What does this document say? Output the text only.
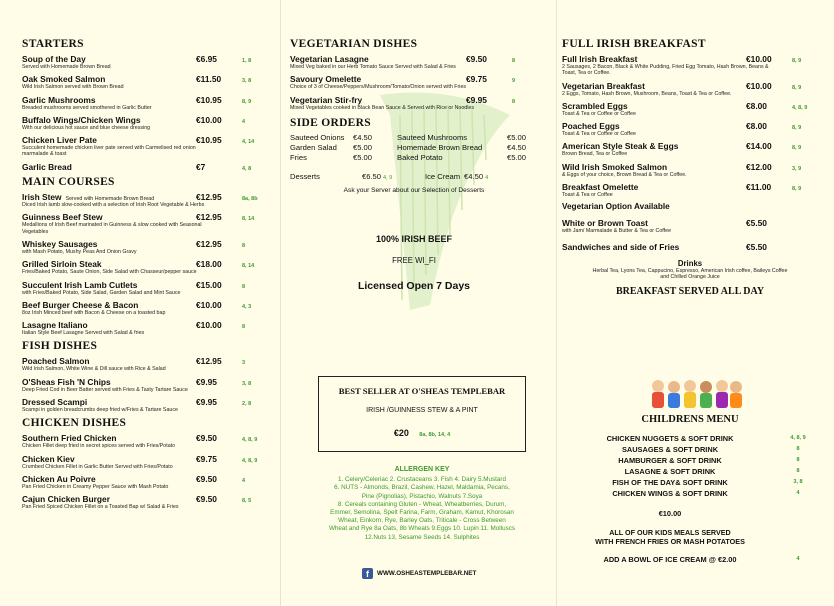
STARTERS
Soup of the Day	€6.95	1, 8
Served with Homemade Brown Bread
Oak Smoked Salmon	€11.50	3, 8
Wild Irish Salmon served with Brown Bread
Garlic Mushrooms	€10.95	8, 9
Breaded mushrooms served smothered in Garlic Butter
Buffalo Wings/Chicken Wings	€10.00	4
With our delicious hot sauce and blue cheese dressing
Chicken Liver Pate	€10.95	4, 14
Succulent homemade chicken liver pate served with Carmelised red onion marmalade & toast
Garlic Bread	€7	4, 8
MAIN COURSES
Irish Stew Served with Homemade Brown Bread	€12.95	8a, 8b
Diced Irish lamb slow-cooked with a selection of Irish Root Vegetable & Herbs
Guinness Beef Stew	€12.95	8, 14
Medallions of Irish Beef marinated in Guinness & slow cooked with Seasonal Vegetables
Whiskey Sausages	€12.95	8
with Mash Potato, Mushy Peas And Onion Gravy
Grilled Sirloin Steak	€18.00	8, 14
Fries/Baked Potato, Saute Onion, Side Salad with Chasseur/pepper sauce
Succulent Irish Lamb Cutlets	€15.00	8
with Fries/Baked Potato, Side Salad, Garden Salad and Mint Sauce
Beef Burger Cheese & Bacon	€10.00	4, 3
8oz Irish Minced beef with Bacon & Cheese on a toasted bap
Lasagne Italiano	€10.00	8
Italian Style Beef Lasagne Served with Salad & fries
FISH DISHES
Poached Salmon	€12.95	3
Wild Irish Salmon, White Wine & Dill sauce with Rice & Salad
O'Sheas Fish 'N Chips	€9.95	3, 8
Deep Fried Cod in Beer Batter served with Fries & Tasty Tartare Sauce
Dressed Scampi	€9.95	2, 8
Scampi in golden breadcrumbs deep fried w/Fries & Tartare Sauce
CHICKEN DISHES
Southern Fried Chicken	€9.50	4, 8, 9
Chicken Fillet deep fried in secret spices served with Fries/Potato
Chicken Kiev	€9.75	4, 8, 9
Crumbed Chicken Fillet in Garlic Butter Served with Fries/Potato
Chicken Au Poivre	€9.50	4
Pan Fried Chicken in Creamy Pepper Sauce with Mash Potato
Cajun Chicken Burger	€9.50	8, 5
Pan Fried Spiced Chicken Fillet on a Toasted Bap w/ Salad & Fries
VEGETARIAN DISHES
Vegetarian Lasagne	€9.50	8
Mixed Veg baked in our Herb Tomato Sauce Served with Salad & Fries
Savoury Omelette	€9.75	9
Choice of 3 of Cheese/Peppers/Mushroom/Tomato/Onion served with Fries
Vegetarian Stir-fry	€9.95	8
Mixed Vegetables cooked in Black Bean Sauce & Served with Rice or Noodles
SIDE ORDERS
Sauteed Onions	€4.50	Sauteed Mushrooms	€5.00
Garden Salad	€5.00	Homemade Brown Bread	€4.50
Fries	€5.00	Baked Potato	€5.00
Desserts	€6.50 4, 9	Ice Cream €4.50 4
Ask your Server about our Selection of Desserts
100% IRISH BEEF
FREE WI_FI
Licensed Open 7 Days
BEST SELLER AT O'SHEAS TEMPLEBAR
IRISH /GUINNESS STEW & A PINT
€20 8a, 8b, 14, 4
ALLERGEN KEY
1. Celery/Celeriac 2. Crustaceans 3. Fish 4. Dairy 5.Mustard
6. NUTS - Almonds, Brazil, Cashew, Hazel, Maldamia, Pecans,
Pine (Pignolias), Pistachio, Walnuts 7.Soya
8. Cereals containing Gluten - Wheat, Wheatberries, Durum,
Emmer, Semolina, Spelt Farina, Farm, Graham, Kamut, Khorosan
Wheat, Einkorn, Rye, Barley Oats, Triticale - Cross Between
Wheat and Rye 8a Oats, 8b Wheats 9.Eggs 10. Lupin 11. Molluscs
12.Nuts 13, Sesame Seeds 14. Sulphites
f	WWW.OSHEASTEMPLEBAR.NET
FULL IRISH BREAKFAST
Full Irish Breakfast	€10.00	8, 9
2 Sausages, 2 Bacon, Black & White Pudding, Fried Egg Tomato, Hash Brown, Beans & Toast, Tea or Coffee.
Vegetarian Breakfast	€10.00	8, 9
2 Eggs, Tomato, Hash Brown, Mushroom, Beans, Toast & Tea or Coffee.
Scrambled Eggs	€8.00	4, 8, 9
Toast & Tea or Coffee or Coffee
Poached Eggs	€8.00	8, 9
Toast & Tea or Coffee or Coffee
American Style Steak & Eggs	€14.00	8, 9
Brown Bread, Tea or Coffee
Wild Irish Smoked Salmon	€12.00	3, 9
& Eggs of your choice, Brown Bread & Tea or Coffee.
Breakfast Omelette	€11.00	8, 9
Toast & Tea or Coffee
Vegetarian Option Available
White or Brown Toast	€5.50
with Jam/ Marmalade & Butter & Tea or Coffee
Sandwiches and side of Fries	€5.50
Drinks
Herbal Tea, Lyons Tea, Cappucino, Espresso, American Irish coffee, Baileys Coffee and Chilled Orange Juice
BREAKFAST SERVED ALL DAY
CHILDRENS MENU
CHICKEN NUGGETS & SOFT DRINK	4, 8, 9
SAUSAGES & SOFT DRINK	8
HAMBURGER & SOFT DRINK	8
LASAGNE & SOFT DRINK	8
FISH OF THE DAY& SOFT DRINK	3, 8
CHICKEN WINGS & SOFT DRINK	4
€10.00
ALL OF OUR KIDS MEALS SERVED
WITH FRENCH FRIES OR MASH POTATOES
ADD A BOWL OF ICE CREAM @ €2.00	4
